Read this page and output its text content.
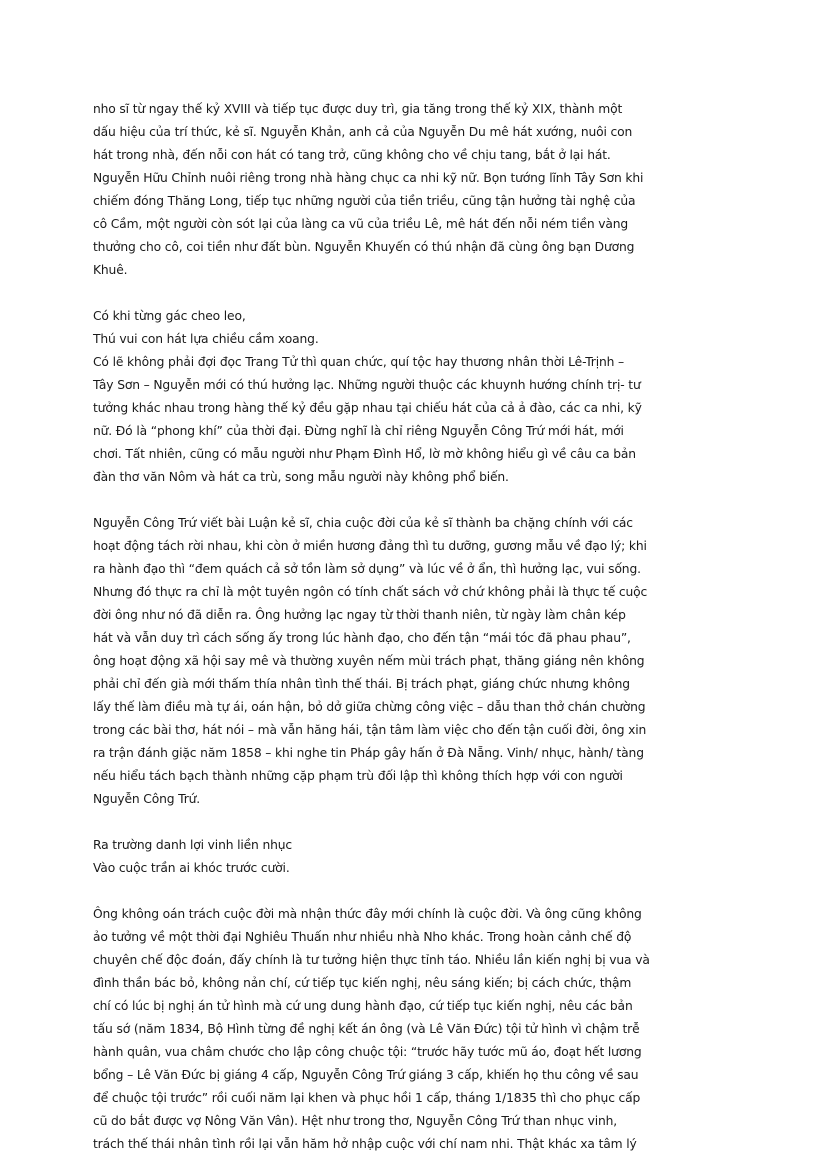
nho sĩ từ ngay thế kỷ XVIII và tiếp tục được duy trì, gia tăng trong thế kỷ XIX, thành một
dấu hiệu của trí thức, kẻ sĩ. Nguyễn Khản, anh cả của Nguyễn Du mê hát xướng, nuôi con
hát trong nhà, đến nỗi con hát có tang trở, cũng không cho về chịu tang, bắt ở lại hát.
Nguyễn Hữu Chỉnh nuôi riêng trong nhà hàng chục ca nhi kỹ nữ. Bọn tướng lĩnh Tây Sơn khi
chiếm đóng Thăng Long, tiếp tục những người của tiền triều, cũng tận hưởng tài nghệ của
cô Cầm, một người còn sót lại của làng ca vũ của triều Lê, mê hát đến nỗi ném tiền vàng
thưởng cho cô, coi tiền như đất bùn. Nguyễn Khuyến có thú nhận đã cùng ông bạn Dương
Khuê.

Có khi từng gác cheo leo,
Thú vui con hát lựa chiều cầm xoang.
Có lẽ không phải đợi đọc Trang Tử thì quan chức, quí tộc hay thương nhân thời Lê-Trịnh –
Tây Sơn – Nguyễn mới có thú hưởng lạc. Những người thuộc các khuynh hướng chính trị- tư
tưởng khác nhau trong hàng thế kỷ đều gặp nhau tại chiếu hát của cả ả đào, các ca nhi, kỹ
nữ. Đó là “phong khí” của thời đại. Đừng nghĩ là chỉ riêng Nguyễn Công Trứ mới hát, mới
chơi. Tất nhiên, cũng có mẫu người như Phạm Đình Hổ, lờ mờ không hiểu gì về câu ca bản
đàn thơ văn Nôm và hát ca trù, song mẫu người này không phổ biến.

Nguyễn Công Trứ viết bài Luận kẻ sĩ, chia cuộc đời của kẻ sĩ thành ba chặng chính với các
hoạt động tách rời nhau, khi còn ở miền hương đảng thì tu dưỡng, gương mẫu về đạo lý; khi
ra hành đạo thì “đem quách cả sở tồn làm sở dụng” và lúc về ở ẩn, thì hưởng lạc, vui sống.
Nhưng đó thực ra chỉ là một tuyên ngôn có tính chất sách vở chứ không phải là thực tế cuộc
đời ông như nó đã diễn ra. Ông hưởng lạc ngay từ thời thanh niên, từ ngày làm chân kép
hát và vẫn duy trì cách sống ấy trong lúc hành đạo, cho đến tận “mái tóc đã phau phau”,
ông hoạt động xã hội say mê và thường xuyên nếm mùi trách phạt, thăng giáng nên không
phải chỉ đến già mới thấm thía nhân tình thế thái. Bị trách phạt, giáng chức nhưng không
lấy thế làm điều mà tự ái, oán hận, bỏ dở giữa chừng công việc – dẫu than thở chán chường
trong các bài thơ, hát nói – mà vẫn hăng hái, tận tâm làm việc cho đến tận cuối đời, ông xin
ra trận đánh giặc năm 1858 – khi nghe tin Pháp gây hấn ở Đà Nẵng. Vinh/ nhục, hành/ tàng
nếu hiểu tách bạch thành những cặp phạm trù đối lập thì không thích hợp với con người
Nguyễn Công Trứ.

Ra trường danh lợi vinh liền nhục
Vào cuộc trần ai khóc trước cười.

Ông không oán trách cuộc đời mà nhận thức đây mới chính là cuộc đời. Và ông cũng không
ảo tưởng về một thời đại Nghiêu Thuấn như nhiều nhà Nho khác. Trong hoàn cảnh chế độ
chuyên chế độc đoán, đấy chính là tư tưởng hiện thực tỉnh táo. Nhiều lần kiến nghị bị vua và
đình thần bác bỏ, không nản chí, cứ tiếp tục kiến nghị, nêu sáng kiến; bị cách chức, thậm
chí có lúc bị nghị án tử hình mà cứ ung dung hành đạo, cứ tiếp tục kiến nghị, nêu các bản
tấu sớ (năm 1834, Bộ Hình từng đề nghị kết án ông (và Lê Văn Đức) tội tử hình vì chậm trễ
hành quân, vua châm chước cho lập công chuộc tội: “trước hãy tước mũ áo, đoạt hết lương
bổng – Lê Văn Đức bị giáng 4 cấp, Nguyễn Công Trứ giáng 3 cấp, khiến họ thu công về sau
để chuộc tội trước” rồi cuối năm lại khen và phục hồi 1 cấp, tháng 1/1835 thì cho phục cấp
cũ do bắt được vợ Nông Văn Vân). Hệt như trong thơ, Nguyễn Công Trứ than nhục vinh,
trách thế thái nhân tình rồi lại vẫn hăm hở nhập cuộc với chí nam nhi. Thật khác xa tâm lý
